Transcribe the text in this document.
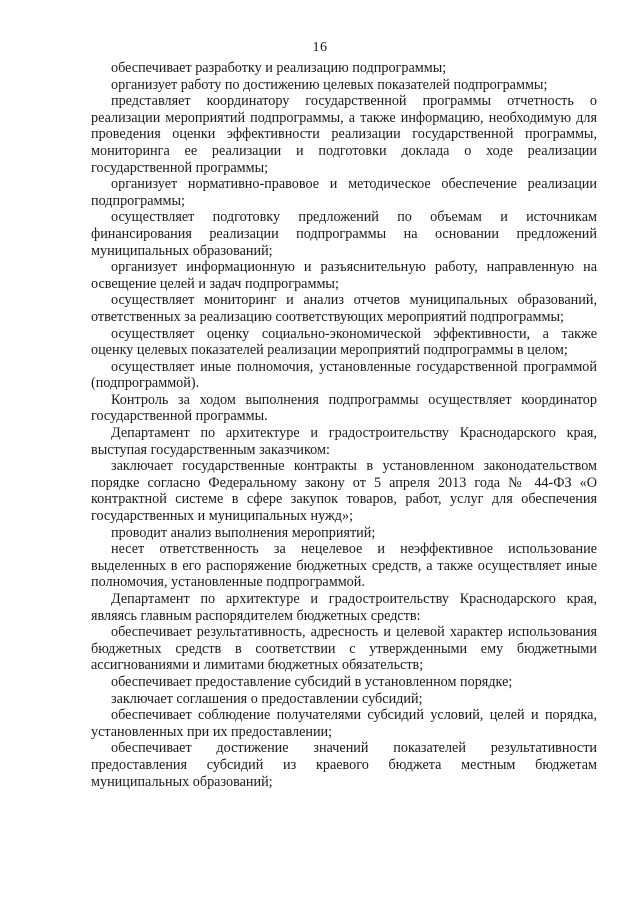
16

обеспечивает разработку и реализацию подпрограммы;

организует работу по достижению целевых показателей подпрограммы;

представляет координатору государственной программы отчетность о реализации мероприятий подпрограммы, а также информацию, необходимую для проведения оценки эффективности реализации государственной программы, мониторинга ее реализации и подготовки доклада о ходе реализации государственной программы;

организует нормативно-правовое и методическое обеспечение реализации подпрограммы;

осуществляет подготовку предложений по объемам и источникам финансирования реализации подпрограммы на основании предложений муниципальных образований;

организует информационную и разъяснительную работу, направленную на освещение целей и задач подпрограммы;

осуществляет мониторинг и анализ отчетов муниципальных образований, ответственных за реализацию соответствующих мероприятий подпрограммы;

осуществляет оценку социально-экономической эффективности, а также оценку целевых показателей реализации мероприятий подпрограммы в целом;

осуществляет иные полномочия, установленные государственной программой (подпрограммой).

Контроль за ходом выполнения подпрограммы осуществляет координатор государственной программы.

Департамент по архитектуре и градостроительству Краснодарского края, выступая государственным заказчиком:

заключает государственные контракты в установленном законодательством порядке согласно Федеральному закону от 5 апреля 2013 года № 44-ФЗ «О контрактной системе в сфере закупок товаров, работ, услуг для обеспечения государственных и муниципальных нужд»;

проводит анализ выполнения мероприятий;

несет ответственность за нецелевое и неэффективное использование выделенных в его распоряжение бюджетных средств, а также осуществляет иные полномочия, установленные подпрограммой.

Департамент по архитектуре и градостроительству Краснодарского края, являясь главным распорядителем бюджетных средств:

обеспечивает результативность, адресность и целевой характер использования бюджетных средств в соответствии с утвержденными ему бюджетными ассигнованиями и лимитами бюджетных обязательств;

обеспечивает предоставление субсидий в установленном порядке;

заключает соглашения о предоставлении субсидий;

обеспечивает соблюдение получателями субсидий условий, целей и порядка, установленных при их предоставлении;

обеспечивает достижение значений показателей результативности предоставления субсидий из краевого бюджета местным бюджетам муниципальных образований;
